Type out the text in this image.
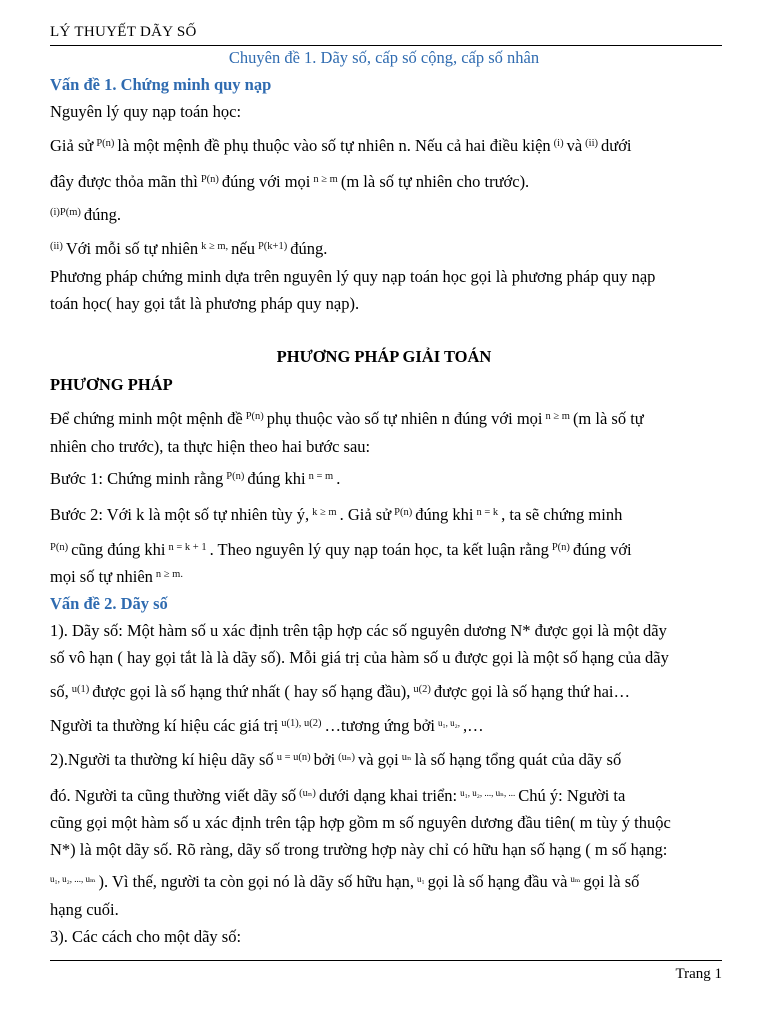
LÝ THUYẾT DÃY SỐ
Chuyên đề 1. Dãy số, cấp số cộng, cấp số nhân
Vấn đề 1. Chứng minh quy nạp
Nguyên lý quy nạp toán học:
Giả sử $^{P(n)}$ là một mệnh đề phụ thuộc vào số tự nhiên n. Nếu cả hai điều kiện $^{(i)}$ và $^{(ii)}$ dưới
đây được thỏa mãn thì $^{P(n)}$ đúng với mọi $^{n \ge m}$ (m là số tự nhiên cho trước).
$^{(i)P(m)}$ đúng.
$^{(ii)}$ Với mỗi số tự nhiên $^{k \ge m,}$ nếu $^{P(k+1)}$ đúng.
Phương pháp chứng minh dựa trên nguyên lý quy nạp toán học gọi là phương pháp quy nạp
toán học( hay gọi tắt là phương pháp quy nạp).
PHƯƠNG PHÁP GIẢI TOÁN
PHƯƠNG PHÁP
Để chứng minh một mệnh đề $^{P(n)}$ phụ thuộc vào số tự nhiên n đúng với mọi $^{n \ge m}$ (m là số tự
nhiên cho trước), ta thực hiện theo hai bước sau:
Bước 1: Chứng minh rằng $^{P(n)}$ đúng khi $^{n = m}$ .
Bước 2: Với k là một số tự nhiên tùy ý, $^{k \ge m}$ . Giả sử $^{P(n)}$ đúng khi $^{n = k}$ , ta sẽ chứng minh
$^{P(n)}$ cũng đúng khi $^{n = k + 1}$ . Theo nguyên lý quy nạp toán học, ta kết luận rằng $^{P(n)}$ đúng với
mọi số tự nhiên $^{n \ge m.}$
Vấn đề 2. Dãy số
1). Dãy số: Một hàm số u xác định trên tập hợp các số nguyên dương N* được gọi là một dãy
số vô hạn ( hay gọi tắt là là dãy số). Mỗi giá trị của hàm số u được gọi là một số hạng của dãy
số, $^{u(1)}$ được gọi là số hạng thứ nhất ( hay số hạng đầu), $^{u(2)}$ được gọi là số hạng thứ hai…
Người ta thường kí hiệu các giá trị $^{u(1), u(2)}$ …tương ứng bởi $^{u_1, u_2,}$ ,…
2).Người ta thường kí hiệu dãy số $^{u = u(n)}$ bởi $^{(u_n)}$ và gọi $^{u_n}$ là số hạng tổng quát của dãy số
đó. Người ta cũng thường viết dãy số $^{(u_n)}$ dưới dạng khai triển: $^{u_1, u_2, ..., u_n, ...}$ Chú ý: Người ta
cũng gọi một hàm số u xác định trên tập hợp gồm m số nguyên dương đầu tiên( m tùy ý thuộc
N*) là một dãy số. Rõ ràng, dãy số trong trường hợp này chỉ có hữu hạn số hạng ( m số hạng:
$^{u_1, u_2, ..., u_m}$ ). Vì thế, người ta còn gọi nó là dãy số hữu hạn, $^{u_1}$ gọi là số hạng đầu và $^{u_m}$ gọi là số
hạng cuối.
3). Các cách cho một dãy số:
Trang 1
